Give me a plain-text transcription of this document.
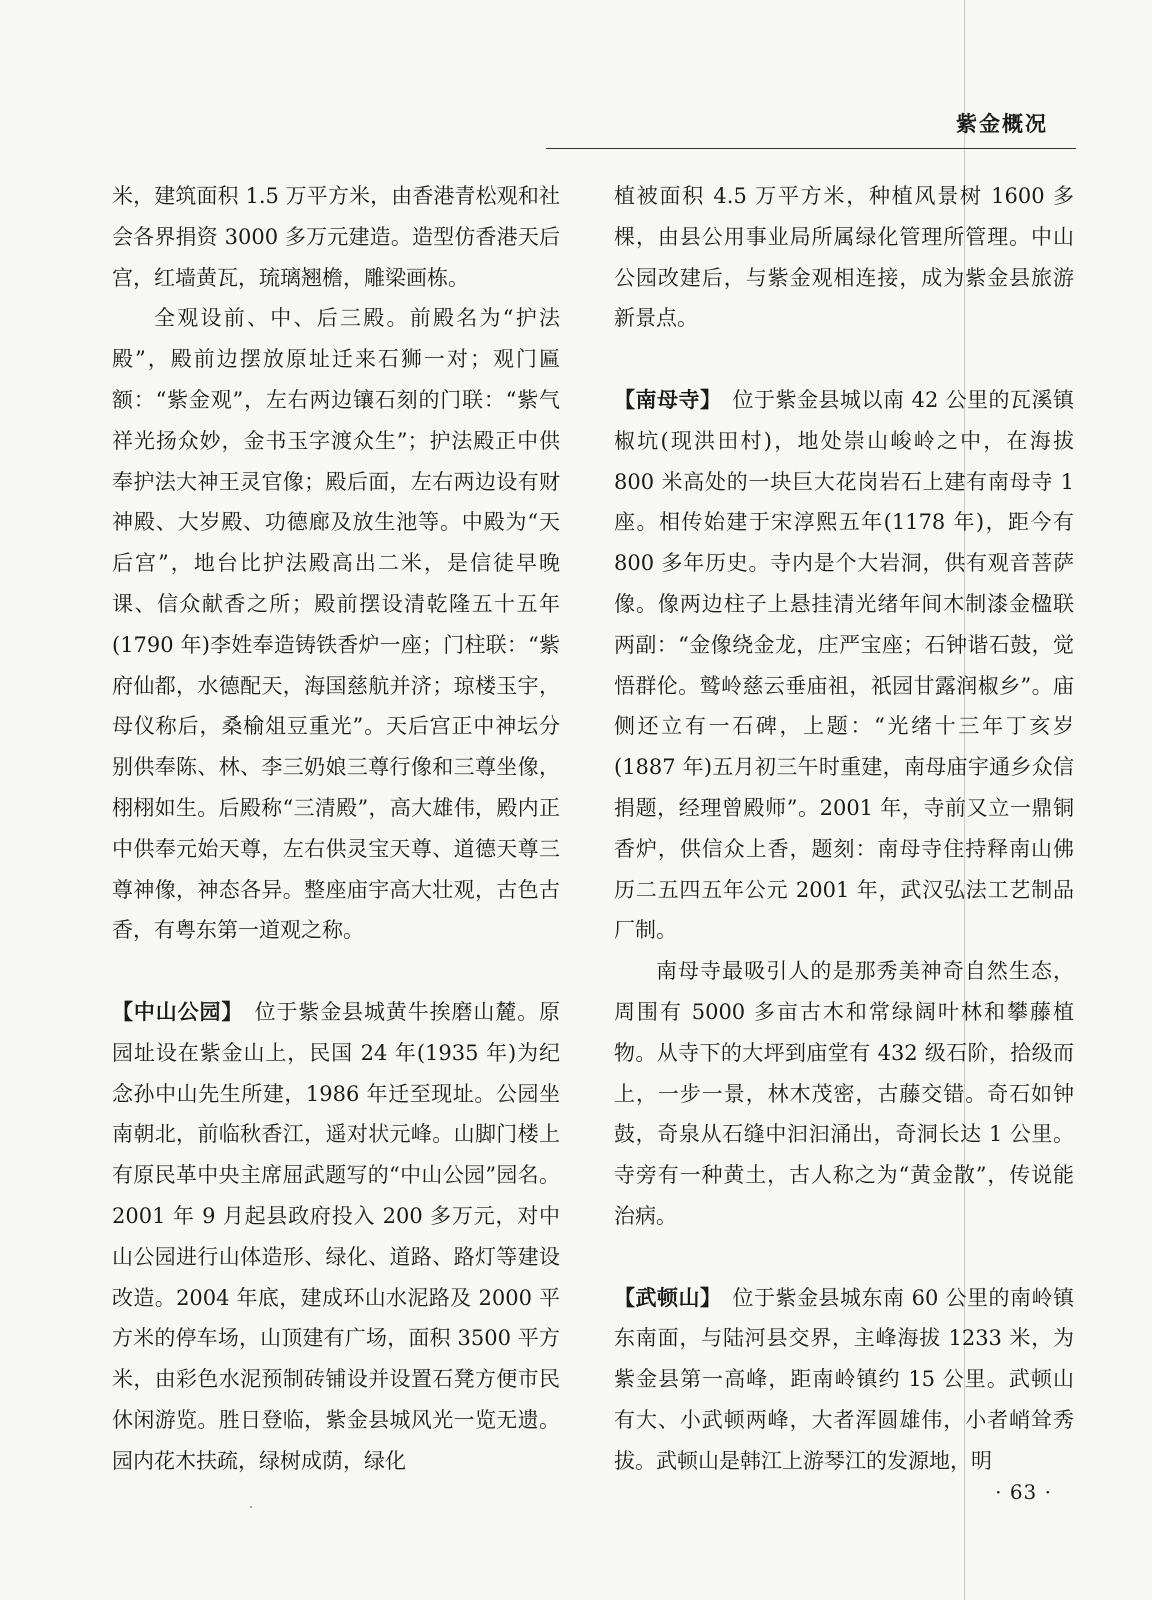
紫金概况

米，建筑面积 1.5 万平方米，由香港青松观和社会各界捐资 3000 多万元建造。造型仿香港天后宫，红墙黄瓦，琉璃翘檐，雕梁画栋。

全观设前、中、后三殿。前殿名为“护法殿”，殿前边摆放原址迁来石狮一对；观门匾额：“紫金观”，左右两边镶石刻的门联：“紫气祥光扬众妙，金书玉字渡众生”；护法殿正中供奉护法大神王灵官像；殿后面，左右两边设有财神殿、大岁殿、功德廊及放生池等。中殿为“天后宫”，地台比护法殿高出二米，是信徒早晚课、信众献香之所；殿前摆设清乾隆五十五年(1790 年)李姓奉造铸铁香炉一座；门柱联：“紫府仙都，水德配天，海国慈航并济；琼楼玉宇，母仪称后，桑榆俎豆重光”。天后宫正中神坛分别供奉陈、林、李三奶娘三尊行像和三尊坐像，栩栩如生。后殿称“三清殿”，高大雄伟，殿内正中供奉元始天尊，左右供灵宝天尊、道德天尊三尊神像，神态各异。整座庙宇高大壮观，古色古香，有粤东第一道观之称。

【中山公园】　 位于紫金县城黄牛挨磨山麓。原园址设在紫金山上，民国 24 年(1935 年)为纪念孙中山先生所建，1986 年迁至现址。公园坐南朝北，前临秋香江，遥对状元峰。山脚门楼上有原民革中央主席屈武题写的“中山公园”园名。2001 年 9 月起县政府投入 200 多万元，对中山公园进行山体造形、绿化、道路、路灯等建设改造。2004 年底，建成环山水泥路及 2000 平方米的停车场，山顶建有广场，面积 3500 平方米，由彩色水泥预制砖铺设并设置石凳方便市民休闲游览。胜日登临，紫金县城风光一览无遗。园内花木扶疏，绿树成荫，绿化

植被面积 4.5 万平方米，种植风景树 1600 多棵，由县公用事业局所属绿化管理所管理。中山公园改建后，与紫金观相连接，成为紫金县旅游新景点。

【南母寺】　 位于紫金县城以南 42 公里的瓦溪镇椒坑(现洪田村)，地处崇山峻岭之中，在海拔 800 米高处的一块巨大花岗岩石上建有南母寺 1 座。相传始建于宋淳熙五年(1178 年)，距今有 800 多年历史。寺内是个大岩洞，供有观音菩萨像。像两边柱子上悬挂清光绪年间木制漆金楹联两副：“金像绕金龙，庄严宝座；石钟谐石鼓，觉悟群伦。鹫岭慈云垂庙祖，祇园甘露润椒乡”。庙侧还立有一石碑，上题：“光绪十三年丁亥岁(1887 年)五月初三午时重建，南母庙宇通乡众信捐题，经理曾殿师”。2001 年，寺前又立一鼎铜香炉，供信众上香，题刻：南母寺住持释南山佛历二五四五年公元 2001 年，武汉弘法工艺制品厂制。

南母寺最吸引人的是那秀美神奇自然生态，周围有 5000 多亩古木和常绿阔叶林和攀藤植物。从寺下的大坪到庙堂有 432 级石阶，拾级而上，一步一景，林木茂密，古藤交错。奇石如钟鼓，奇泉从石缝中汩汩涌出，奇洞长达 1 公里。寺旁有一种黄土，古人称之为“黄金散”，传说能治病。

【武顿山】　 位于紫金县城东南 60 公里的南岭镇东南面，与陆河县交界，主峰海拔 1233 米，为紫金县第一高峰，距南岭镇约 15 公里。武顿山有大、小武顿两峰，大者浑圆雄伟，小者峭耸秀拔。武顿山是韩江上游琴江的发源地，明

· 63 ·
